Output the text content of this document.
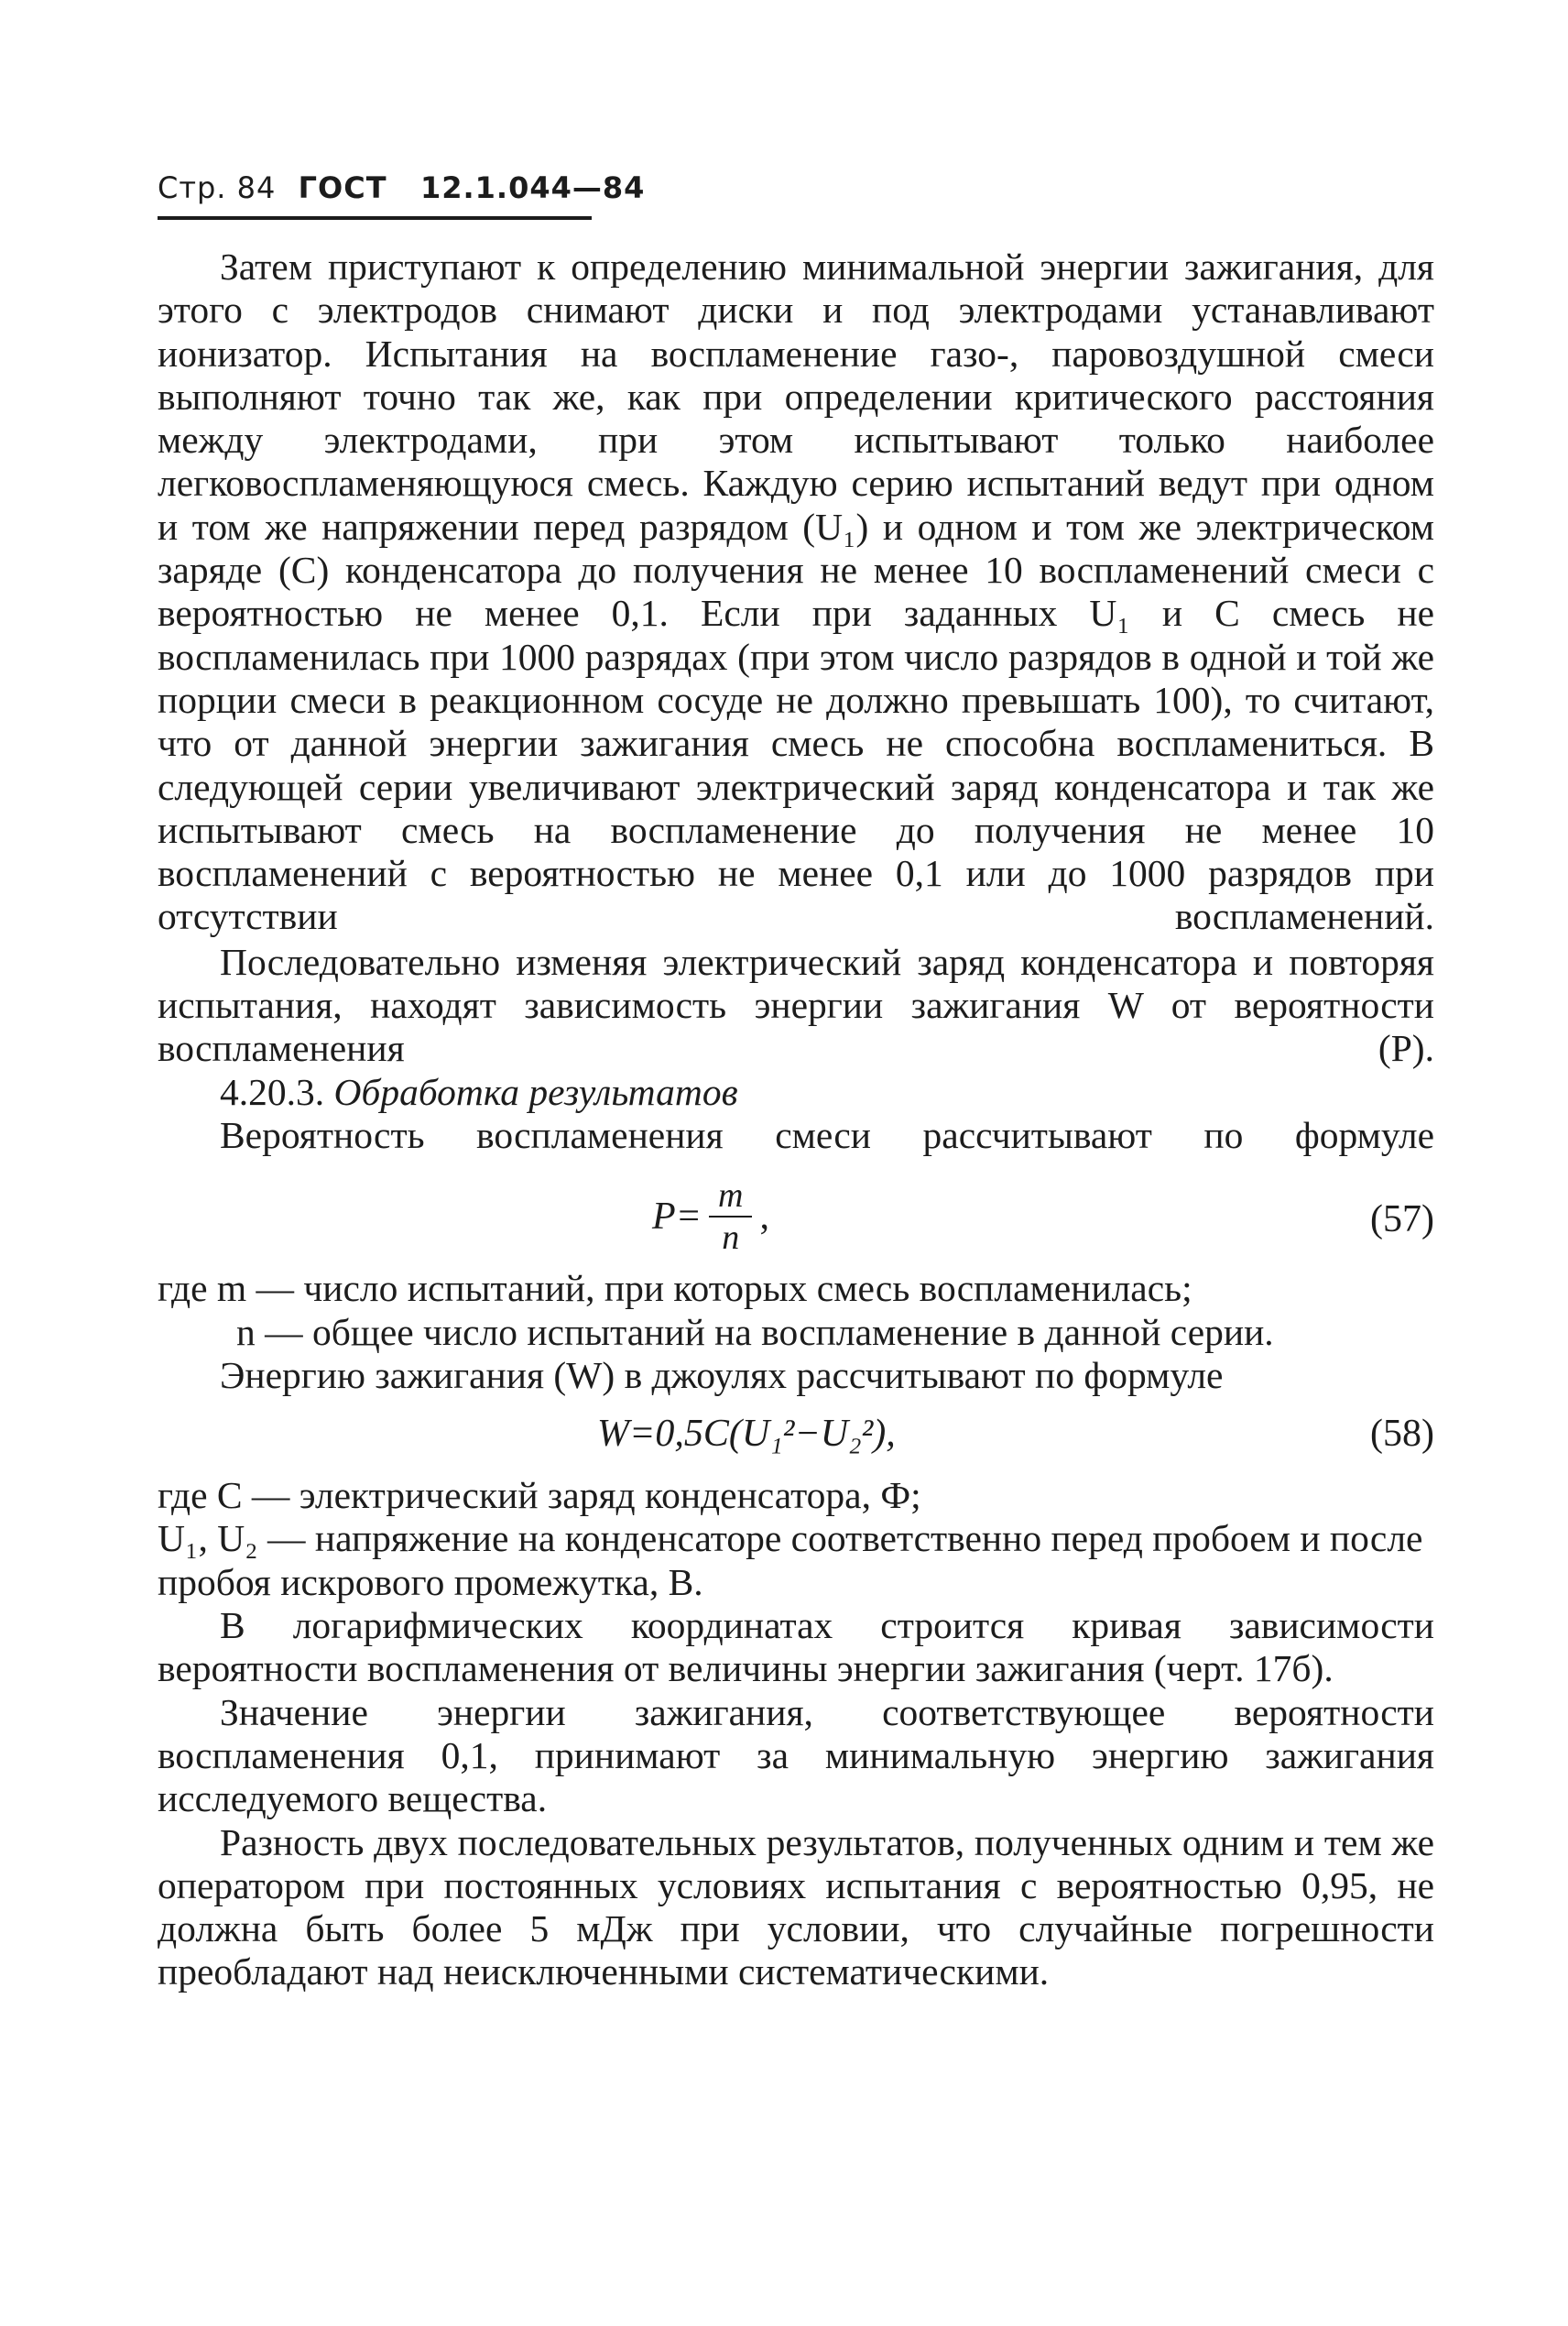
Стр. 84 ГОСТ 12.1.044—84

Затем приступают к определению минимальной энергии зажигания, для этого с электродов снимают диски и под электродами устанавливают ионизатор. Испытания на воспламенение газо-, паровоздушной смеси выполняют точно так же, как при определении критического расстояния между электродами, при этом испытывают только наиболее легковоспламеняющуюся смесь. Каждую серию испытаний ведут при одном и том же напряжении перед разрядом (U₁) и одном и том же электрическом заряде (C) конденсатора до получения не менее 10 воспламенений смеси с вероятностью не менее 0,1. Если при заданных U₁ и C смесь не воспламенилась при 1000 разрядах (при этом число разрядов в одной и той же порции смеси в реакционном сосуде не должно превышать 100), то считают, что от данной энергии зажигания смесь не способна воспламениться. В следующей серии увеличивают электрический заряд конденсатора и так же испытывают смесь на воспламенение до получения не менее 10 воспламенений с вероятностью не менее 0,1 или до 1000 разрядов при отсутствии воспламенений.

Последовательно изменяя электрический заряд конденсатора и повторяя испытания, находят зависимость энергии зажигания W от вероятности воспламенения (P).

4.20.3. Обработка результатов

Вероятность воспламенения смеси рассчитывают по формуле

$P= \frac{m}{n}$ ,	(57)

где m — число испытаний, при которых смесь воспламенилась;

n — общее число испытаний на воспламенение в данной серии.

Энергию зажигания (W) в джоулях рассчитывают по формуле

W=0,5C(U₁²−U₂²),	(58)

где C — электрический заряд конденсатора, Ф;

U₁, U₂ — напряжение на конденсаторе соответственно перед пробоем и после пробоя искрового промежутка, В.

В логарифмических координатах строится кривая зависимости вероятности воспламенения от величины энергии зажигания (черт. 17б).

Значение энергии зажигания, соответствующее вероятности воспламенения 0,1, принимают за минимальную энергию зажигания исследуемого вещества.

Разность двух последовательных результатов, полученных одним и тем же оператором при постоянных условиях испытания с вероятностью 0,95, не должна быть более 5 мДж при условии, что случайные погрешности преобладают над неисключенными систематическими.
